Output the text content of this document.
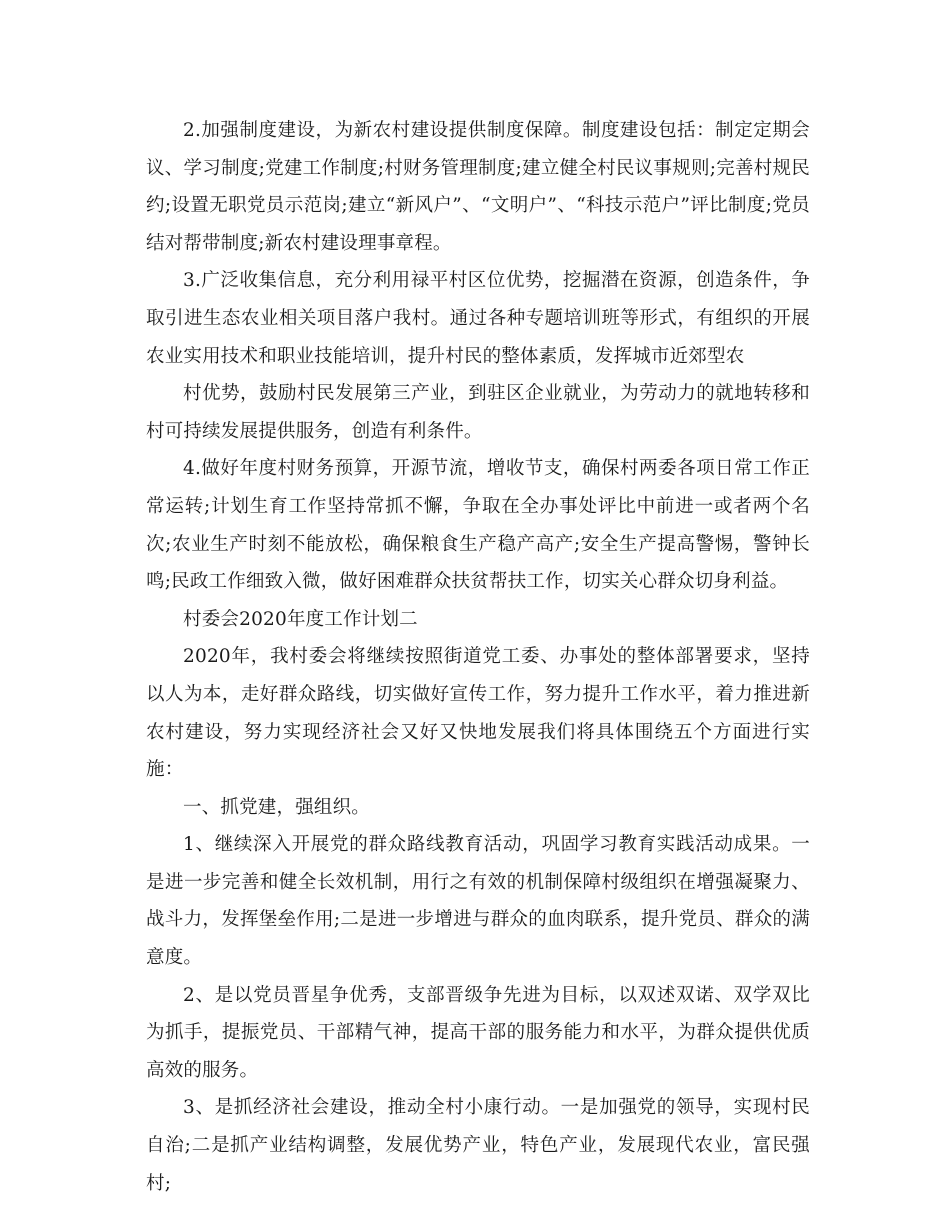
2.加强制度建设，为新农村建设提供制度保障。制度建设包括：制定定期会议、学习制度;党建工作制度;村财务管理制度;建立健全村民议事规则;完善村规民约;设置无职党员示范岗;建立“新风户”、“文明户”、“科技示范户”评比制度;党员结对帮带制度;新农村建设理事章程。

3.广泛收集信息，充分利用禄平村区位优势，挖掘潜在资源，创造条件，争取引进生态农业相关项目落户我村。通过各种专题培训班等形式，有组织的开展农业实用技术和职业技能培训，提升村民的整体素质，发挥城市近郊型农

村优势，鼓励村民发展第三产业，到驻区企业就业，为劳动力的就地转移和村可持续发展提供服务，创造有利条件。

4.做好年度村财务预算，开源节流，增收节支，确保村两委各项日常工作正常运转;计划生育工作坚持常抓不懈，争取在全办事处评比中前进一或者两个名次;农业生产时刻不能放松，确保粮食生产稳产高产;安全生产提高警惕，警钟长鸣;民政工作细致入微，做好困难群众扶贫帮扶工作，切实关心群众切身利益。

村委会2020年度工作计划二

2020年，我村委会将继续按照街道党工委、办事处的整体部署要求，坚持以人为本，走好群众路线，切实做好宣传工作，努力提升工作水平，着力推进新农村建设，努力实现经济社会又好又快地发展我们将具体围绕五个方面进行实施：

一、抓党建，强组织。

1、继续深入开展党的群众路线教育活动，巩固学习教育实践活动成果。一是进一步完善和健全长效机制，用行之有效的机制保障村级组织在增强凝聚力、战斗力，发挥堡垒作用;二是进一步增进与群众的血肉联系，提升党员、群众的满意度。

2、是以党员晋星争优秀，支部晋级争先进为目标，以双述双诺、双学双比为抓手，提振党员、干部精气神，提高干部的服务能力和水平，为群众提供优质高效的服务。

3、是抓经济社会建设，推动全村小康行动。一是加强党的领导，实现村民自治;二是抓产业结构调整，发展优势产业，特色产业，发展现代农业，富民强村;
